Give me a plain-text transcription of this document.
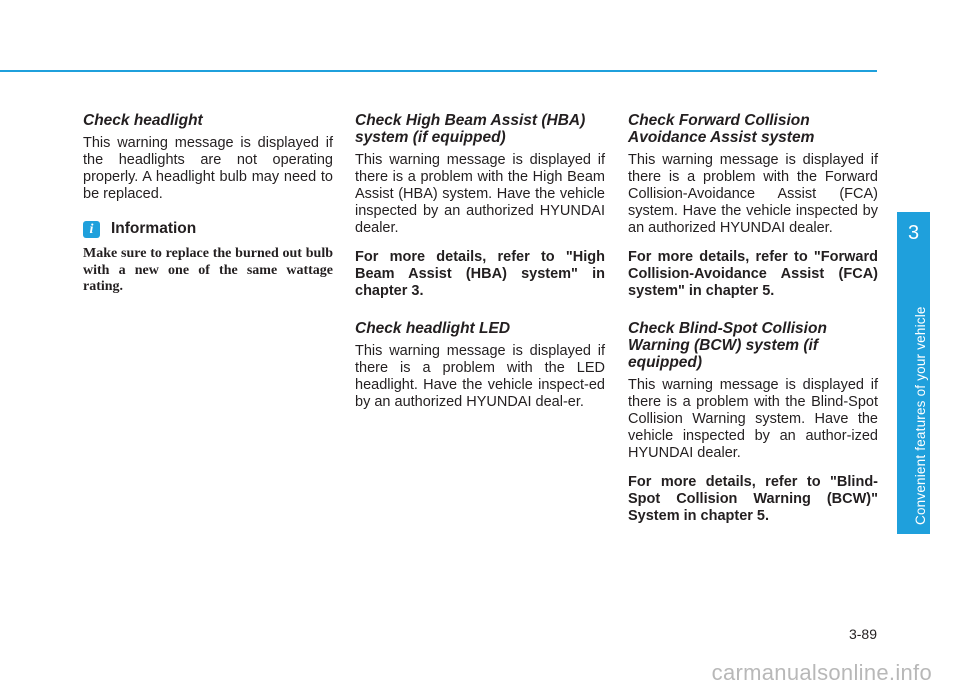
Check headlight

This warning message is displayed if the headlights are not operating properly. A headlight bulb may need to be replaced.

i	Information

Make sure to replace the burned out bulb with a new one of the same wattage rating.

Check High Beam Assist (HBA) system (if equipped)

This warning message is displayed if there is a problem with the High Beam Assist (HBA) system. Have the vehicle inspected by an authorized HYUNDAI dealer.

For more details, refer to "High Beam Assist (HBA) system" in chapter 3.

Check headlight LED

This warning message is displayed if there is a problem with the LED headlight. Have the vehicle inspect-ed by an authorized HYUNDAI deal-er.

Check Forward Collision Avoidance Assist system

This warning message is displayed if there is a problem with the Forward Collision-Avoidance Assist (FCA) system. Have the vehicle inspected by an authorized HYUNDAI dealer.

For more details, refer to "Forward Collision-Avoidance Assist (FCA) system" in chapter 5.

Check Blind-Spot Collision Warning (BCW) system (if equipped)

This warning message is displayed if there is a problem with the Blind-Spot Collision Warning system. Have the vehicle inspected by an author-ized HYUNDAI dealer.

For more details, refer to "Blind-Spot Collision Warning (BCW)" System in chapter 5.

3
Convenient features of your vehicle
3-89
carmanualsonline.info
